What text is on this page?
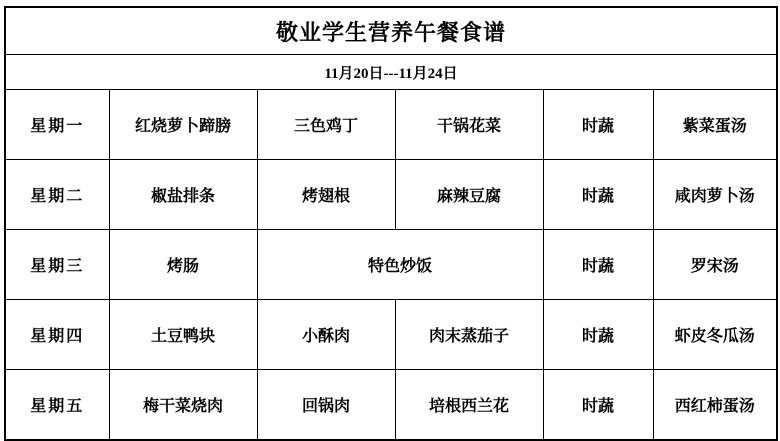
敬业学生营养午餐食谱					
11月20日---11月24日					
星期一	红烧萝卜蹄膀	三色鸡丁	干锅花菜	时蔬	紫菜蛋汤
星期二	椒盐排条	烤翅根	麻辣豆腐	时蔬	咸肉萝卜汤
星期三	烤肠	特色炒饭		时蔬	罗宋汤
星期四	土豆鸭块	小酥肉	肉末蒸茄子	时蔬	虾皮冬瓜汤
星期五	梅干菜烧肉	回锅肉	培根西兰花	时蔬	西红柿蛋汤
